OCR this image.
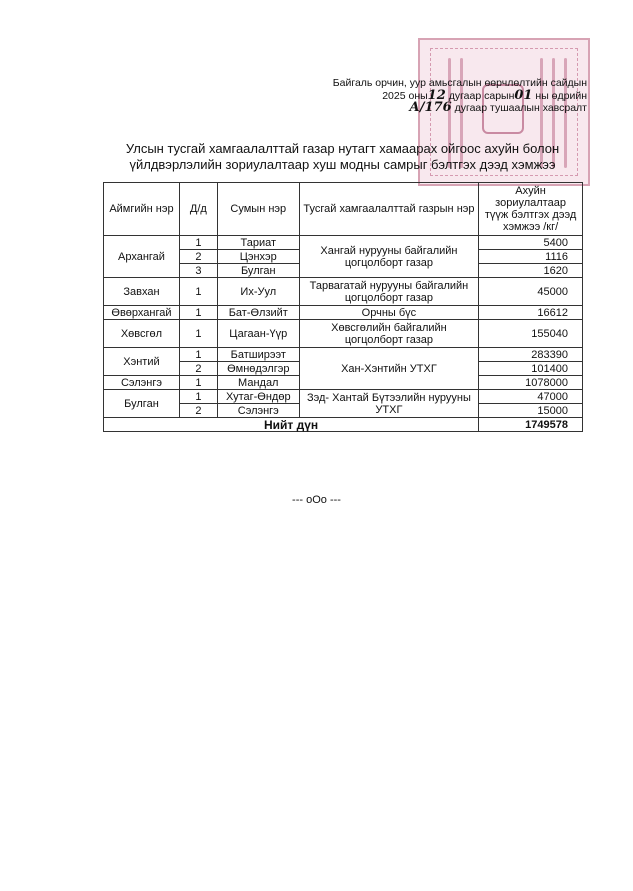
Байгаль орчин, уур амьсгалын өөрчлөлтийн сайдын
2025 оны12 дугаар сарын01 ны өдрийн
А/176 дугаар тушаалын хавсралт
Улсын тусгай хамгаалалттай газар нутагт хамаарах ойгоос ахуйн болон
үйлдвэрлэлийн зориулалтаар хуш модны самрыг бэлтгэх дээд хэмжээ
Аймгийн нэр	Д/д	Сумын нэр	Тусгай хамгаалалттай газрын нэр	Ахуйн зориулалтаар түүж бэлтгэх дээд хэмжээ /кг/
Архангай	1	Тариат	Хангай нурууны байгалийн цогцолборт газар	5400
	2	Цэнхэр		1116
	3	Булган		1620
Завхан	1	Их-Уул	Тарвагатай нурууны байгалийн цогцолборт газар	45000
Өвөрхангай	1	Бат-Өлзийт	Орчны бүс	16612
Хөвсгөл	1	Цагаан-Үүр	Хөвсгөлийн байгалийн цогцолборт газар	155040
Хэнтий	1	Батширээт	Хан-Хэнтийн УТХГ	283390
	2	Өмнөдэлгэр		101400
Сэлэнгэ	1	Мандал		1078000
Булган	1	Хутаг-Өндөр	Зэд- Хантай Бүтээлийн нурууны УТХГ	47000
	2	Сэлэнгэ		15000
Нийт дүн				1749578
--- oOo ---
